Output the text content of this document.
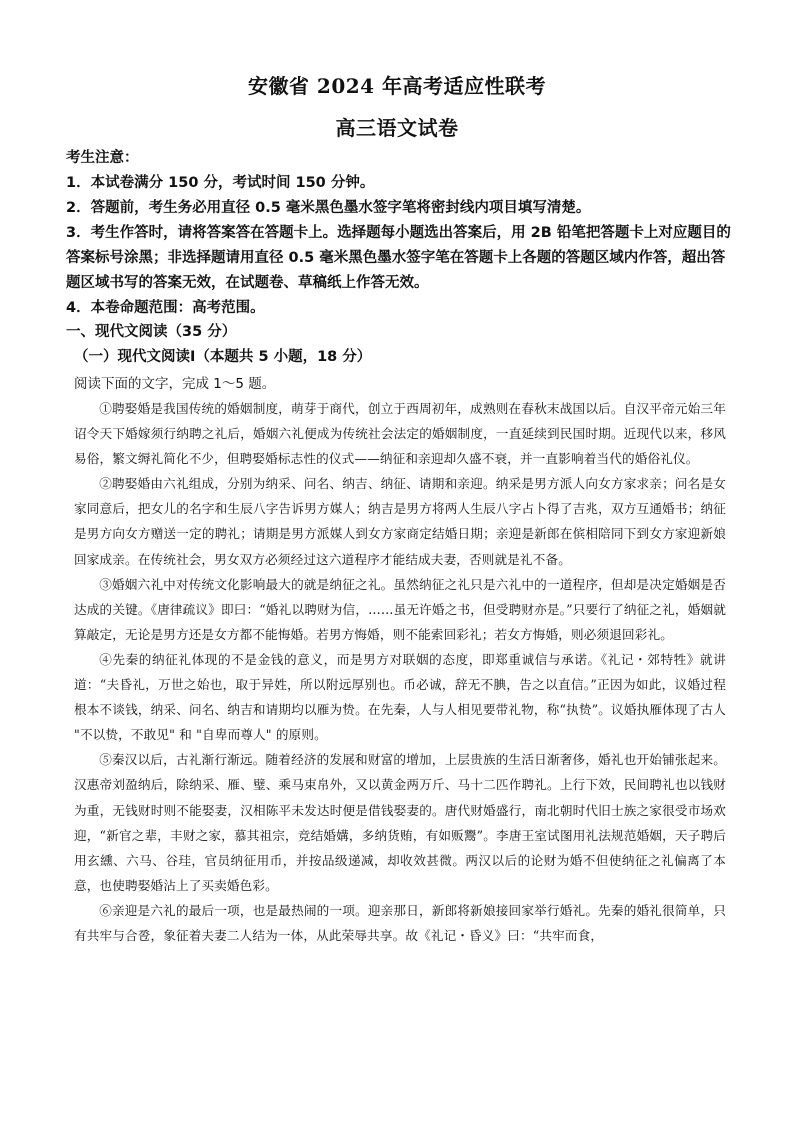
安徽省 2024 年高考适应性联考
高三语文试卷
考生注意：
1．本试卷满分 150 分，考试时间 150 分钟。
2．答题前，考生务必用直径 0.5 毫米黑色墨水签字笔将密封线内项目填写清楚。
3．考生作答时，请将答案答在答题卡上。选择题每小题选出答案后，用 2B 铅笔把答题卡上对应题目的答案标号涂黑；非选择题请用直径 0.5 毫米黑色墨水签字笔在答题卡上各题的答题区域内作答，超出答题区域书写的答案无效，在试题卷、草稿纸上作答无效。
4．本卷命题范围：高考范围。
一、现代文阅读（35 分）
（一）现代文阅读Ⅰ（本题共 5 小题，18 分）
阅读下面的文字，完成 1～5 题。

①聘娶婚是我国传统的婚姻制度，萌芽于商代，创立于西周初年，成熟则在春秋末战国以后。自汉平帝元始三年诏令天下婚嫁须行纳聘之礼后，婚姻六礼便成为传统社会法定的婚姻制度，一直延续到民国时期。近现代以来，移风易俗，繁文缛礼简化不少，但聘娶婚标志性的仪式——纳征和亲迎却久盛不衰，并一直影响着当代的婚俗礼仪。

②聘娶婚由六礼组成，分别为纳采、问名、纳吉、纳征、请期和亲迎。纳采是男方派人向女方家求亲；问名是女家同意后，把女儿的名字和生辰八字告诉男方媒人；纳吉是男方将两人生辰八字占卜得了吉兆，双方互通婚书；纳征是男方向女方赠送一定的聘礼；请期是男方派媒人到女方家商定结婚日期；亲迎是新郎在傧相陪同下到女方家迎新娘回家成亲。在传统社会，男女双方必须经过这六道程序才能结成夫妻，否则就是礼不备。

③婚姻六礼中对传统文化影响最大的就是纳征之礼。虽然纳征之礼只是六礼中的一道程序，但却是决定婚姻是否达成的关键。《唐律疏议》即曰：“婚礼以聘财为信，……虽无许婚之书，但受聘财亦是。”只要行了纳征之礼，婚姻就算敲定，无论是男方还是女方都不能悔婚。若男方悔婚，则不能索回彩礼；若女方悔婚，则必须退回彩礼。

④先秦的纳征礼体现的不是金钱的意义，而是男方对联姻的态度，即郑重诚信与承诺。《礼记・郊特牲》就讲道：“夫昏礼，万世之始也，取于异姓，所以附远厚别也。币必诚，辞无不腆，告之以直信。”正因为如此，议婚过程根本不谈钱，纳采、问名、纳吉和请期均以雁为贽。在先秦，人与人相见要带礼物，称“执贽”。议婚执雁体现了古人 "不以贽，不敢见" 和 "自卑而尊人" 的原则。

⑤秦汉以后，古礼渐行渐远。随着经济的发展和财富的增加，上层贵族的生活日渐奢侈，婚礼也开始铺张起来。汉惠帝刘盈纳后，除纳采、雁、璧、乘马束帛外，又以黄金两万斤、马十二匹作聘礼。上行下效，民间聘礼也以钱财为重，无钱财时则不能娶妻，汉相陈平未发达时便是借钱娶妻的。唐代财婚盛行，南北朝时代旧士族之家很受市场欢迎，“新官之辈，丰财之家，慕其祖宗，竞结婚媾，多纳货贿，有如贩鬻”。李唐王室试图用礼法规范婚姻，天子聘后用玄纁、六马、谷珪，官员纳征用币，并按品级递减，却收效甚微。两汉以后的论财为婚不但使纳征之礼偏离了本意，也使聘娶婚沾上了买卖婚色彩。

⑥亲迎是六礼的最后一项，也是最热闹的一项。迎亲那日，新郎将新娘接回家举行婚礼。先秦的婚礼很简单，只有共牢与合卺，象征着夫妻二人结为一体，从此荣辱共享。故《礼记・昏义》曰：“共牢而食，
